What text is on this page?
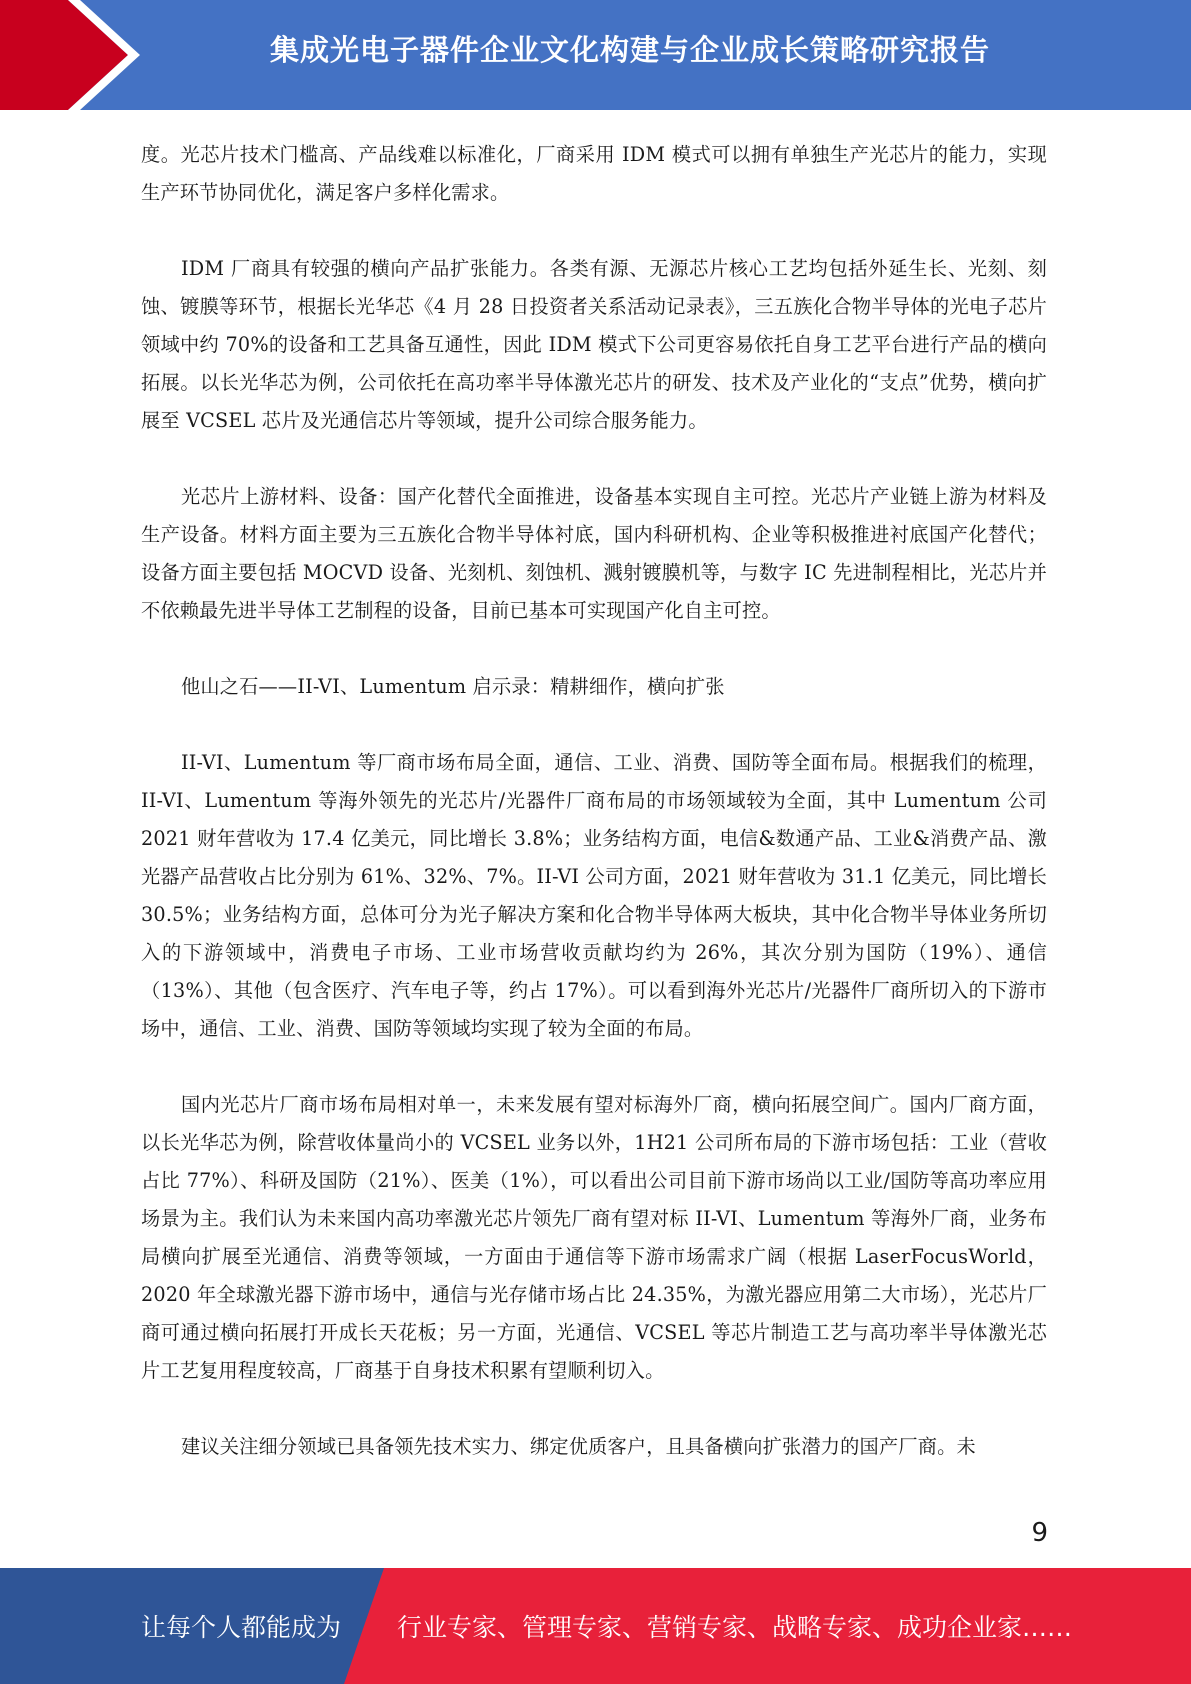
集成光电子器件企业文化构建与企业成长策略研究报告

度。光芯片技术门槛高、产品线难以标准化，厂商采用 IDM 模式可以拥有单独生产光芯片的能力，实现生产环节协同优化，满足客户多样化需求。

IDM 厂商具有较强的横向产品扩张能力。各类有源、无源芯片核心工艺均包括外延生长、光刻、刻蚀、镀膜等环节，根据长光华芯《4 月 28 日投资者关系活动记录表》，三五族化合物半导体的光电子芯片领域中约 70%的设备和工艺具备互通性，因此 IDM 模式下公司更容易依托自身工艺平台进行产品的横向拓展。以长光华芯为例，公司依托在高功率半导体激光芯片的研发、技术及产业化的“支点”优势，横向扩展至 VCSEL 芯片及光通信芯片等领域，提升公司综合服务能力。

光芯片上游材料、设备：国产化替代全面推进，设备基本实现自主可控。光芯片产业链上游为材料及生产设备。材料方面主要为三五族化合物半导体衬底，国内科研机构、企业等积极推进衬底国产化替代；设备方面主要包括 MOCVD 设备、光刻机、刻蚀机、溅射镀膜机等，与数字 IC 先进制程相比，光芯片并不依赖最先进半导体工艺制程的设备，目前已基本可实现国产化自主可控。

他山之石——II-VI、Lumentum 启示录：精耕细作，横向扩张

II-VI、Lumentum 等厂商市场布局全面，通信、工业、消费、国防等全面布局。根据我们的梳理，II-VI、Lumentum 等海外领先的光芯片/光器件厂商布局的市场领域较为全面，其中 Lumentum 公司 2021 财年营收为 17.4 亿美元，同比增长 3.8%；业务结构方面，电信&数通产品、工业&消费产品、激光器产品营收占比分别为 61%、32%、7%。II-VI 公司方面，2021 财年营收为 31.1 亿美元，同比增长 30.5%；业务结构方面，总体可分为光子解决方案和化合物半导体两大板块，其中化合物半导体业务所切入的下游领域中，消费电子市场、工业市场营收贡献均约为 26%，其次分别为国防（19%）、通信（13%）、其他（包含医疗、汽车电子等，约占 17%）。可以看到海外光芯片/光器件厂商所切入的下游市场中，通信、工业、消费、国防等领域均实现了较为全面的布局。

国内光芯片厂商市场布局相对单一，未来发展有望对标海外厂商，横向拓展空间广。国内厂商方面，以长光华芯为例，除营收体量尚小的 VCSEL 业务以外，1H21 公司所布局的下游市场包括：工业（营收占比 77%）、科研及国防（21%）、医美（1%），可以看出公司目前下游市场尚以工业/国防等高功率应用场景为主。我们认为未来国内高功率激光芯片领先厂商有望对标 II-VI、Lumentum 等海外厂商，业务布局横向扩展至光通信、消费等领域，一方面由于通信等下游市场需求广阔（根据 LaserFocusWorld，2020 年全球激光器下游市场中，通信与光存储市场占比 24.35%，为激光器应用第二大市场），光芯片厂商可通过横向拓展打开成长天花板；另一方面，光通信、VCSEL 等芯片制造工艺与高功率半导体激光芯片工艺复用程度较高，厂商基于自身技术积累有望顺利切入。

建议关注细分领域已具备领先技术实力、绑定优质客户，且具备横向扩张潜力的国产厂商。未

9
让每个人都能成为 行业专家、管理专家、营销专家、战略专家、成功企业家……
